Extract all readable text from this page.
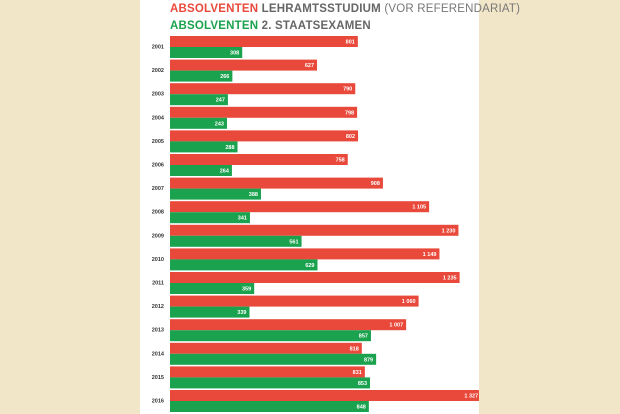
ABSOLVENTEN LEHRAMTSSTUDIUM (VOR REFERENDARIAT)
ABSOLVENTEN 2. STAATSEXAMEN
2001
801
308
2002
627
266
2003
790
247
2004
798
243
2005
802
288
2006
758
264
2007
908
388
2008
1 105
341
2009
1 230
561
2010
1 149
629
2011
1 235
359
2012
1 060
339
2013
1 007
857
2014
818
879
2015
831
853
2016
1 327
848
